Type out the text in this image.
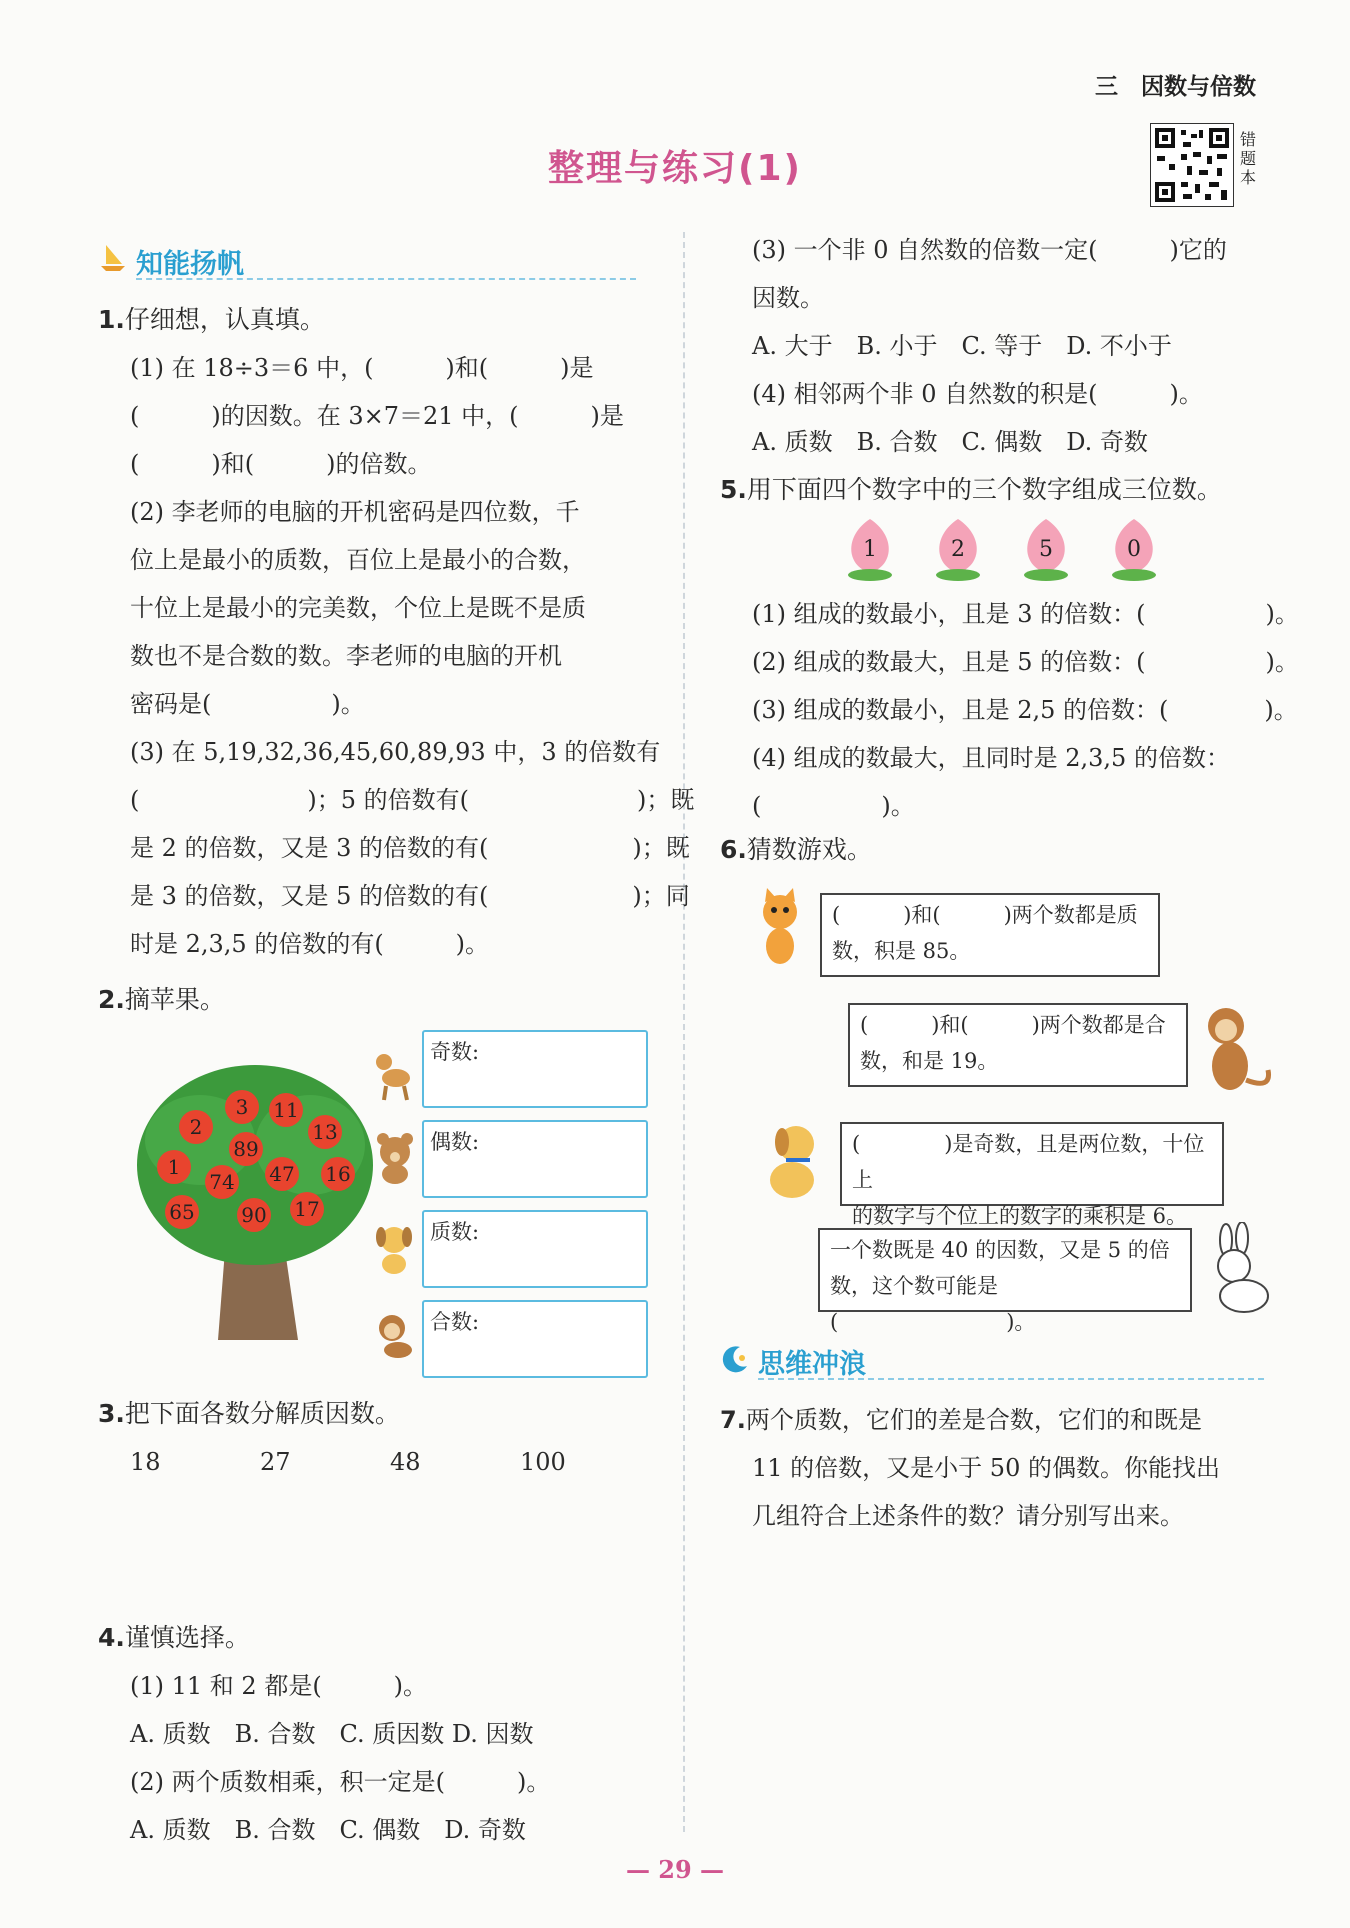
三　因数与倍数
整理与练习(1)
错题本
知能扬帆
1.仔细想，认真填。
(1) 在 18÷3＝6 中，(　　　)和(　　　)是
(　　　)的因数。在 3×7＝21 中，(　　　)是
(　　　)和(　　　)的倍数。
(2) 李老师的电脑的开机密码是四位数，千
位上是最小的质数，百位上是最小的合数，
十位上是最小的完美数，个位上是既不是质
数也不是合数的数。李老师的电脑的开机
密码是(　　　　　)。
(3) 在 5,19,32,36,45,60,89,93 中，3 的倍数有
(　　　　　　　)；5 的倍数有(　　　　　　　)；既
是 2 的倍数，又是 3 的倍数的有(　　　　　　)；既
是 3 的倍数，又是 5 的倍数的有(　　　　　　)；同
时是 2,3,5 的倍数的有(　　　)。
2.摘苹果。
3 11
2	13
89
1	47 16
74
65 90 17
奇数:
偶数:
质数:
合数:
3.把下面各数分解质因数。
18	27	48	100
4.谨慎选择。
(1) 11 和 2 都是(　　　)。
A. 质数　B. 合数　C. 质因数 D. 因数
(2) 两个质数相乘，积一定是(　　　)。
A. 质数　B. 合数　C. 偶数　D. 奇数
(3) 一个非 0 自然数的倍数一定(　　　)它的
因数。
A. 大于　B. 小于　C. 等于　D. 不小于
(4) 相邻两个非 0 自然数的积是(　　　)。
A. 质数　B. 合数　C. 偶数　D. 奇数
5.用下面四个数字中的三个数字组成三位数。
1	2	5	0
(1) 组成的数最小，且是 3 的倍数：(　　　　　)。
(2) 组成的数最大，且是 5 的倍数：(　　　　　)。
(3) 组成的数最小，且是 2,5 的倍数：(　　　　)。
(4) 组成的数最大，且同时是 2,3,5 的倍数：
(　　　　　)。
6.猜数游戏。
(　　　)和(　　　)两个数都是质
数，积是 85。
(　　　)和(　　　)两个数都是合
数，和是 19。
(　　　　)是奇数，且是两位数，十位上
的数字与个位上的数字的乘积是 6。
一个数既是 40 的因数，又是 5 的倍
数，这个数可能是(　　　　　　　　)。
思维冲浪
7.两个质数，它们的差是合数，它们的和既是
11 的倍数，又是小于 50 的偶数。你能找出
几组符合上述条件的数？请分别写出来。
— 29 —
